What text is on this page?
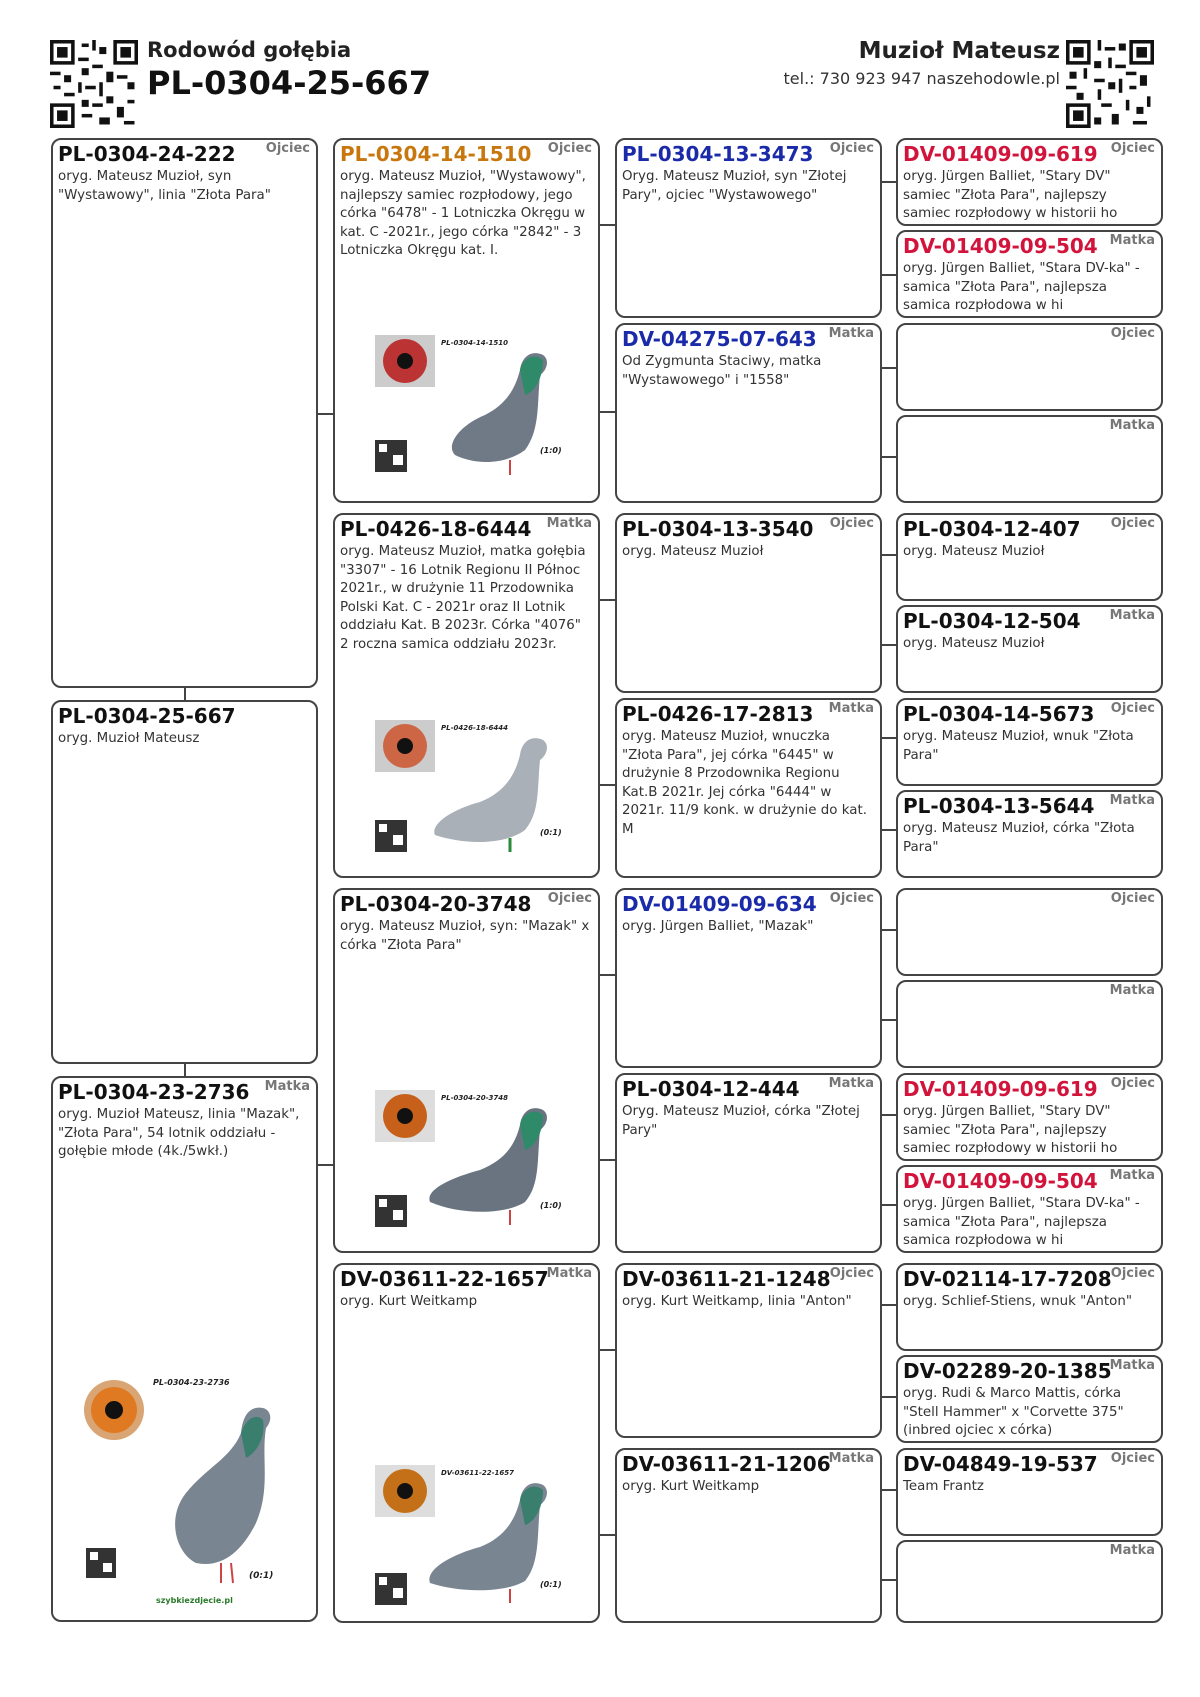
Rodowód gołębia
PL-0304-25-667
Muzioł Mateusz
tel.: 730 923 947 naszehodowle.pl
PL-0304-24-222 Ojciec
oryg. Mateusz Muzioł, syn "Wystawowy", linia "Złota Para"
PL-0304-25-667
oryg. Muzioł Mateusz
PL-0304-23-2736 Matka
oryg. Muzioł Mateusz, linia "Mazak", "Złota Para", 54 lotnik oddziału - gołębie młode (4k./5wkł.)
PL-0304-23-2736
(0:1)
szybkiezdjecie.pl
PL-0304-14-1510 Ojciec
oryg. Mateusz Muzioł, "Wystawowy", najlepszy samiec rozpłodowy, jego córka "6478" - 1 Lotniczka Okręgu w kat. C -2021r., jego córka "2842" - 3 Lotniczka Okręgu kat. I.
PL-0304-14-1510
(1:0)
PL-0426-18-6444 Matka
oryg. Mateusz Muzioł, matka gołębia "3307" - 16 Lotnik Regionu II Północ 2021r., w drużynie 11 Przodownika Polski Kat. C - 2021r oraz II Lotnik oddziału Kat. B 2023r. Córka "4076" 2 roczna samica oddziału 2023r.
PL-0426-18-6444
(0:1)
PL-0304-20-3748 Ojciec
oryg. Mateusz Muzioł, syn: "Mazak" x córka "Złota Para"
PL-0304-20-3748
(1:0)
DV-03611-22-1657
Matka
oryg. Kurt Weitkamp
DV-03611-22-1657
(0:1)
PL-0304-13-3473 Ojciec
Oryg. Mateusz Muzioł, syn "Złotej Pary", ojciec "Wystawowego"
DV-04275-07-643 Matka
Od Zygmunta Staciwy, matka "Wystawowego" i "1558"
PL-0304-13-3540 Ojciec
oryg. Mateusz Muzioł
PL-0426-17-2813 Matka
oryg. Mateusz Muzioł, wnuczka "Złota Para", jej córka "6445" w drużynie 8 Przodownika Regionu Kat.B 2021r. Jej córka "6444" w 2021r. 11/9 konk. w drużynie do kat. M
DV-01409-09-634 Ojciec
oryg. Jürgen Balliet, "Mazak"
PL-0304-12-444 Matka
Oryg. Mateusz Muzioł, córka "Złotej Pary"
DV-03611-21-1248 Ojciec
oryg. Kurt Weitkamp, linia "Anton"
DV-03611-21-1206
Matka
oryg. Kurt Weitkamp
DV-01409-09-619 Ojciec
oryg. Jürgen Balliet, "Stary DV" samiec "Złota Para", najlepszy samiec rozpłodowy w historii ho
DV-01409-09-504 Matka
oryg. Jürgen Balliet, "Stara DV-ka" - samica "Złota Para", najlepsza samica rozpłodowa w hi
Ojciec
Matka
PL-0304-12-407 Ojciec
oryg. Mateusz Muzioł
PL-0304-12-504 Matka
oryg. Mateusz Muzioł
PL-0304-14-5673 Ojciec
oryg. Mateusz Muzioł, wnuk "Złota Para"
PL-0304-13-5644 Matka
oryg. Mateusz Muzioł, córka "Złota Para"
Ojciec
Matka
DV-01409-09-619 Ojciec
oryg. Jürgen Balliet, "Stary DV" samiec "Złota Para", najlepszy samiec rozpłodowy w historii ho
DV-01409-09-504 Matka
oryg. Jürgen Balliet, "Stara DV-ka" - samica "Złota Para", najlepsza samica rozpłodowa w hi
DV-02114-17-7208 Ojciec
oryg. Schlief-Stiens, wnuk "Anton"
DV-02289-20-1385
Matka
oryg. Rudi & Marco Mattis, córka "Stell Hammer" x "Corvette 375" (inbred ojciec x córka)
DV-04849-19-537 Ojciec
Team Frantz
Matka
